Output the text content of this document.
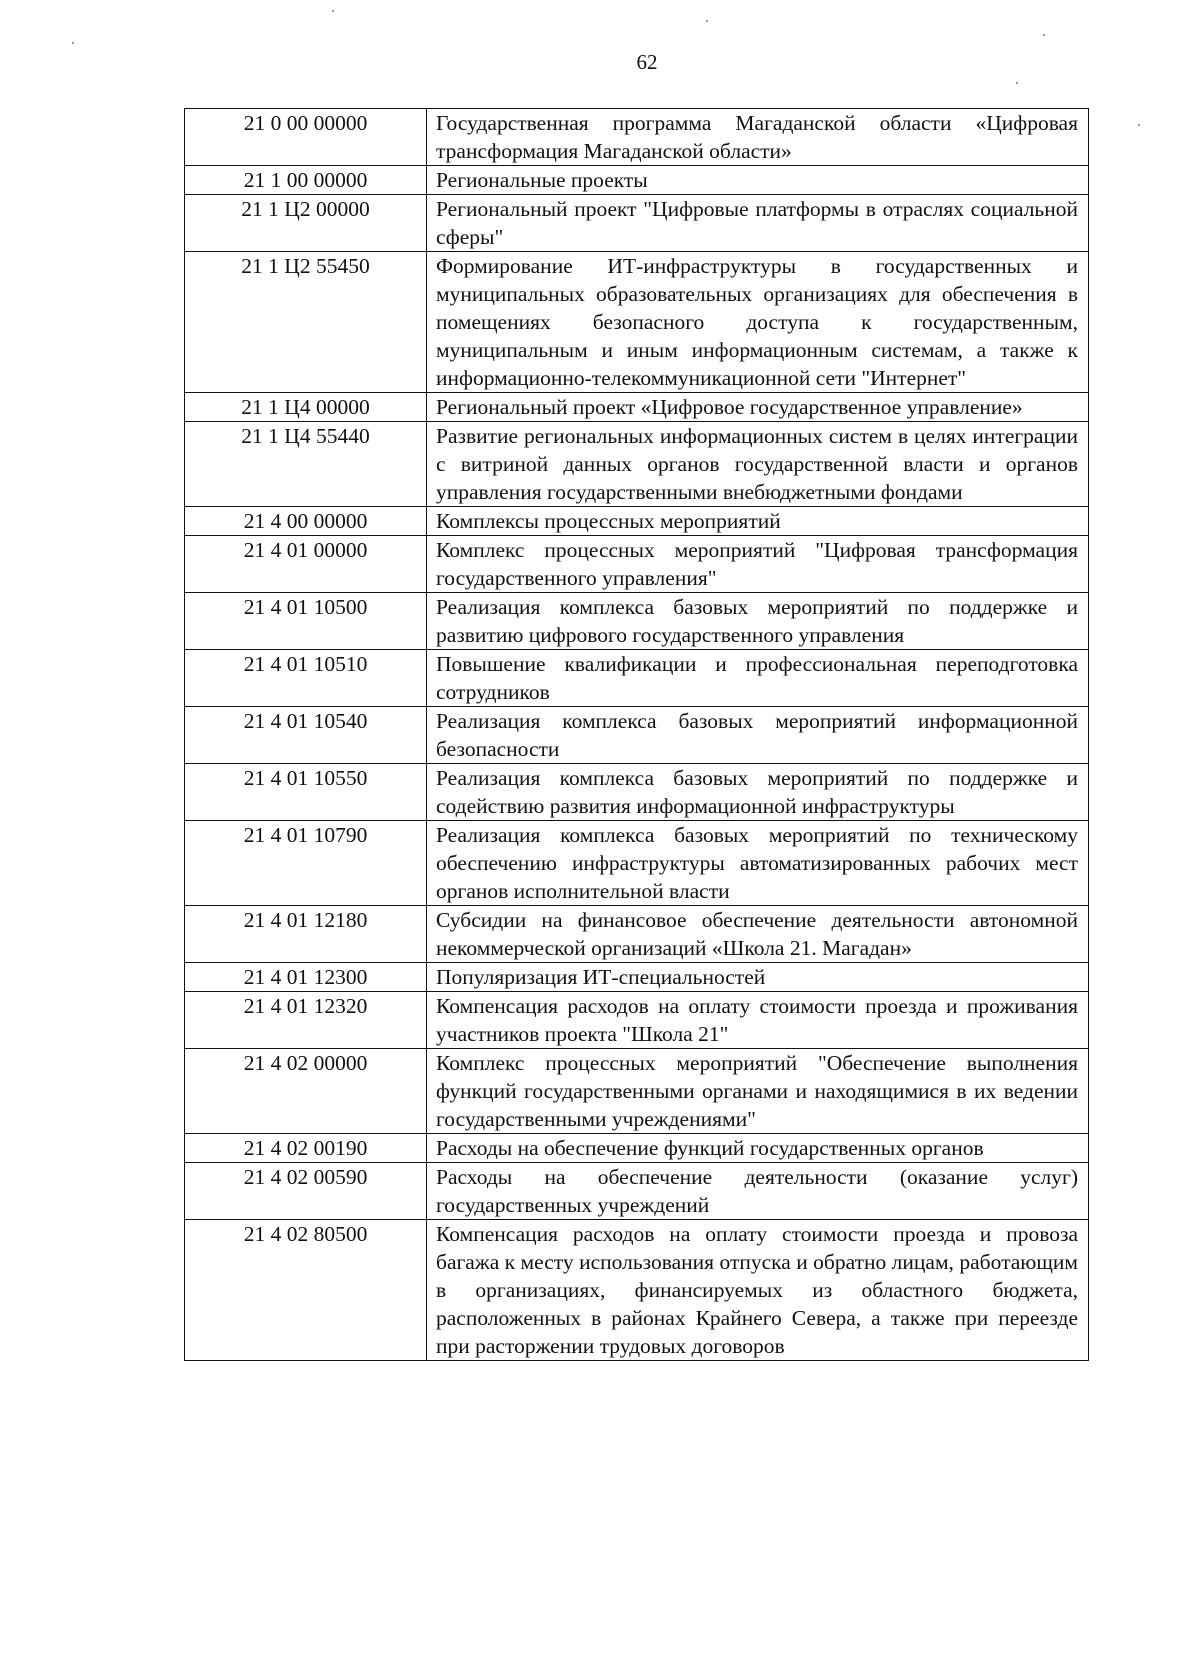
62
21 0 00 00000	Государственная программа Магаданской области «Цифровая трансформация Магаданской области»
21 1 00 00000	Региональные проекты
21 1 Ц2 00000	Региональный проект "Цифровые платформы в отраслях социальной сферы"
21 1 Ц2 55450	Формирование ИТ-инфраструктуры в государственных и муниципальных образовательных организациях для обеспечения в помещениях безопасного доступа к государственным, муниципальным и иным информационным системам, а также к информационно-телекоммуникационной сети "Интернет"
21 1 Ц4 00000	Региональный проект «Цифровое государственное управление»
21 1 Ц4 55440	Развитие региональных информационных систем в целях интеграции с витриной данных органов государственной власти и органов управления государственными внебюджетными фондами
21 4 00 00000	Комплексы процессных мероприятий
21 4 01 00000	Комплекс процессных мероприятий "Цифровая трансформация государственного управления"
21 4 01 10500	Реализация комплекса базовых мероприятий по поддержке и развитию цифрового государственного управления
21 4 01 10510	Повышение квалификации и профессиональная переподготовка сотрудников
21 4 01 10540	Реализация комплекса базовых мероприятий информационной безопасности
21 4 01 10550	Реализация комплекса базовых мероприятий по поддержке и содействию развития информационной инфраструктуры
21 4 01 10790	Реализация комплекса базовых мероприятий по техническому обеспечению инфраструктуры автоматизированных рабочих мест органов исполнительной власти
21 4 01 12180	Субсидии на финансовое обеспечение деятельности автономной некоммерческой организаций «Школа 21. Магадан»
21 4 01 12300	Популяризация ИТ-специальностей
21 4 01 12320	Компенсация расходов на оплату стоимости проезда и проживания участников проекта "Школа 21"
21 4 02 00000	Комплекс процессных мероприятий "Обеспечение выполнения функций государственными органами и находящимися в их ведении государственными учреждениями"
21 4 02 00190	Расходы на обеспечение функций государственных органов
21 4 02 00590	Расходы на обеспечение деятельности (оказание услуг) государственных учреждений
21 4 02 80500	Компенсация расходов на оплату стоимости проезда и провоза багажа к месту использования отпуска и обратно лицам, работающим в организациях, финансируемых из областного бюджета, расположенных в районах Крайнего Севера, а также при переезде при расторжении трудовых договоров
